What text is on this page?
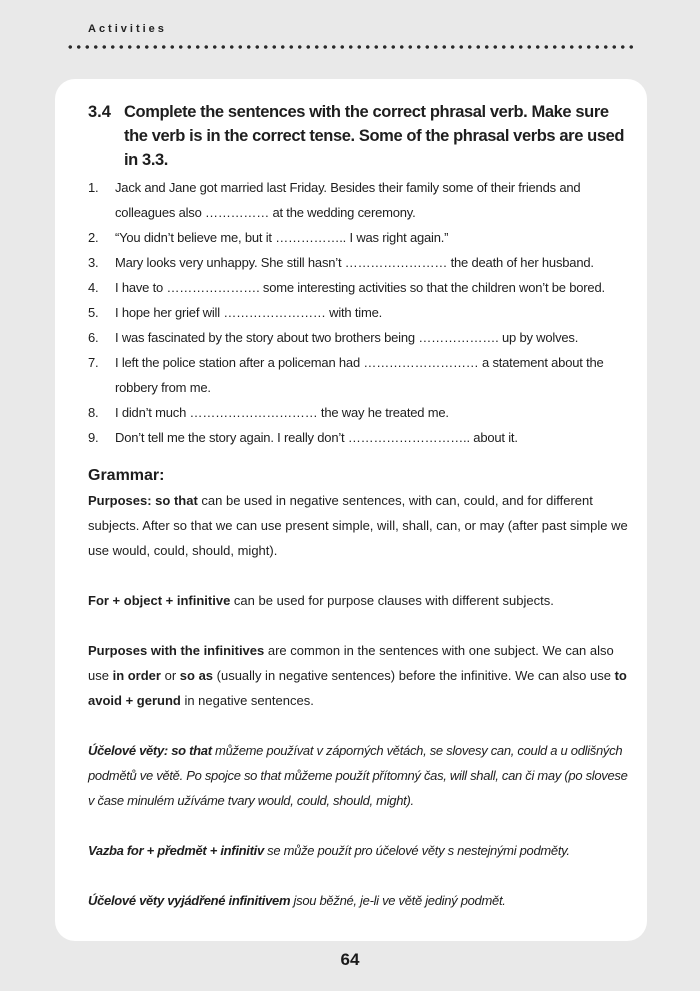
Activities
3.4 Complete the sentences with the correct phrasal verb. Make sure the verb is in the correct tense. Some of the phrasal verbs are used in 3.3.
1.	Jack and Jane got married last Friday. Besides their family some of their friends and colleagues also …………… at the wedding ceremony.
2.	“You didn’t believe me, but it …………….. I was right again.”
3.	Mary looks very unhappy. She still hasn’t …………………… the death of her husband.
4.	I have to …………………. some interesting activities so that the children won’t be bored.
5.	I hope her grief will …………………… with time.
6.	I was fascinated by the story about two brothers being ………………. up by wolves.
7.	I left the police station after a policeman had ……………………… a statement about the robbery from me.
8.	I didn’t much ………………………… the way he treated me.
9.	Don’t tell me the story again. I really don’t ……………………….. about it.
Grammar:

Purposes: so that can be used in negative sentences, with can, could, and for different subjects. After so that we can use present simple, will, shall, can, or may (after past simple we use would, could, should, might).

For + object + infinitive can be used for purpose clauses with different subjects.

Purposes with the infinitives are common in the sentences with one subject. We can also use in order or so as (usually in negative sentences) before the infinitive. We can also use to avoid + gerund in negative sentences.

Účelové věty: so that můžeme používat v záporných větách, se slovesy can, could a u odlišných podmětů ve větě. Po spojce so that můžeme použít přítomný čas, will shall, can či may (po slovese v čase minulém užíváme tvary would, could, should, might).

Vazba for + předmět + infinitiv se může použít pro účelové věty s nestejnými podměty.

Účelové věty vyjádřené infinitivem jsou běžné, je-li ve větě jediný podmět.

64
